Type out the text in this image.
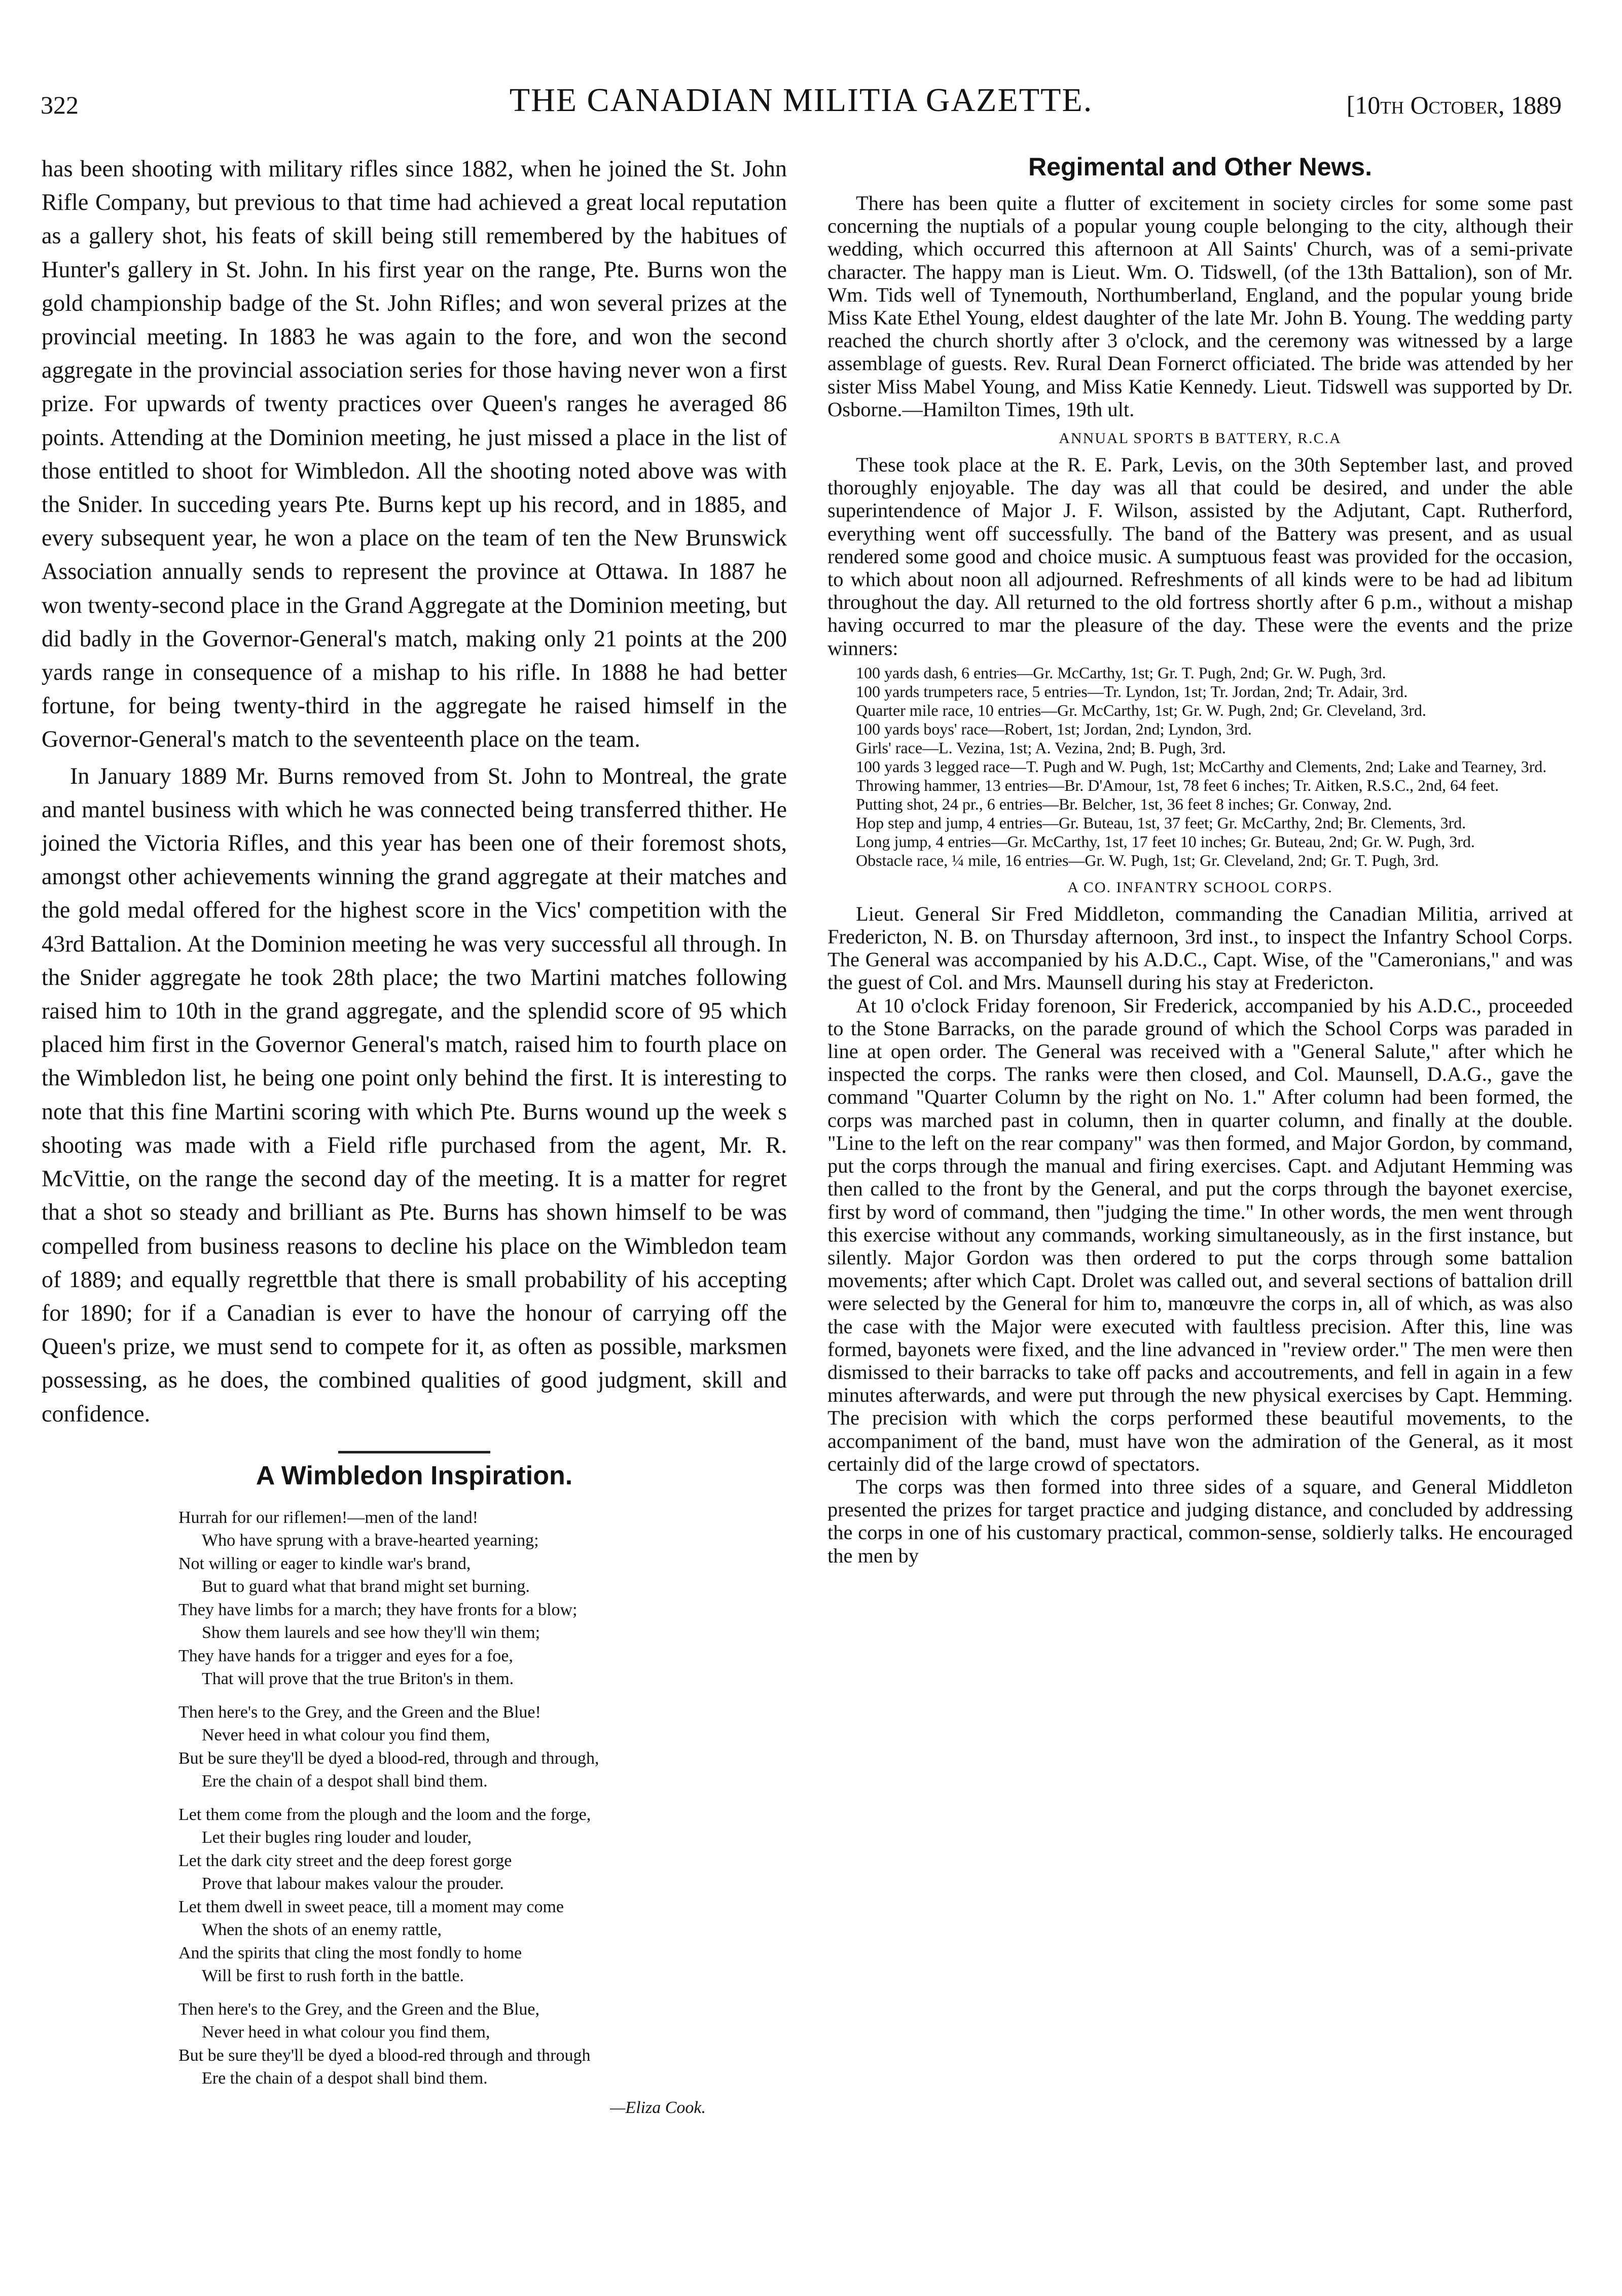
322	THE CANADIAN MILITIA GAZETTE.	[10th October, 1889

has been shooting with military rifles since 1882, when he joined the St. John Rifle Company, but previous to that time had achieved a great local reputation as a gallery shot, his feats of skill being still remembered by the habitues of Hunter's gallery in St. John. In his first year on the range, Pte. Burns won the gold championship badge of the St. John Rifles; and won several prizes at the provincial meeting. In 1883 he was again to the fore, and won the second aggregate in the provincial association series for those having never won a first prize. For upwards of twenty practices over Queen's ranges he averaged 86 points. Attending at the Dominion meeting, he just missed a place in the list of those entitled to shoot for Wimbledon. All the shooting noted above was with the Snider. In succeding years Pte. Burns kept up his record, and in 1885, and every subsequent year, he won a place on the team of ten the New Brunswick Association annually sends to represent the province at Ottawa. In 1887 he won twenty-second place in the Grand Aggregate at the Dominion meeting, but did badly in the Governor-General's match, making only 21 points at the 200 yards range in consequence of a mishap to his rifle. In 1888 he had better fortune, for being twenty-third in the aggregate he raised himself in the Governor-General's match to the seventeenth place on the team.

In January 1889 Mr. Burns removed from St. John to Montreal, the grate and mantel business with which he was connected being transferred thither. He joined the Victoria Rifles, and this year has been one of their foremost shots, amongst other achievements winning the grand aggregate at their matches and the gold medal offered for the highest score in the Vics' competition with the 43rd Battalion. At the Dominion meeting he was very successful all through. In the Snider aggregate he took 28th place; the two Martini matches following raised him to 10th in the grand aggregate, and the splendid score of 95 which placed him first in the Governor General's match, raised him to fourth place on the Wimbledon list, he being one point only behind the first. It is interesting to note that this fine Martini scoring with which Pte. Burns wound up the week s shooting was made with a Field rifle purchased from the agent, Mr. R. McVittie, on the range the second day of the meeting. It is a matter for regret that a shot so steady and brilliant as Pte. Burns has shown himself to be was compelled from business reasons to decline his place on the Wimbledon team of 1889; and equally regrettble that there is small probability of his accepting for 1890; for if a Canadian is ever to have the honour of carrying off the Queen's prize, we must send to compete for it, as often as possible, marksmen possessing, as he does, the combined qualities of good judgment, skill and confidence.

A Wimbledon Inspiration.
Hurrah for our riflemen!—men of the land!
Who have sprung with a brave-hearted yearning;
Not willing or eager to kindle war's brand,
But to guard what that brand might set burning.
They have limbs for a march; they have fronts for a blow;
Show them laurels and see how they'll win them;
They have hands for a trigger and eyes for a foe,
That will prove that the true Briton's in them.
Then here's to the Grey, and the Green and the Blue!
Never heed in what colour you find them,
But be sure they'll be dyed a blood-red, through and through,
Ere the chain of a despot shall bind them.
Let them come from the plough and the loom and the forge,
Let their bugles ring louder and louder,
Let the dark city street and the deep forest gorge
Prove that labour makes valour the prouder.
Let them dwell in sweet peace, till a moment may come
When the shots of an enemy rattle,
And the spirits that cling the most fondly to home
Will be first to rush forth in the battle.
Then here's to the Grey, and the Green and the Blue,
Never heed in what colour you find them,
But be sure they'll be dyed a blood-red through and through
Ere the chain of a despot shall bind them.
—Eliza Cook.
Regimental and Other News.

There has been quite a flutter of excitement in society circles for some some past concerning the nuptials of a popular young couple belonging to the city, although their wedding, which occurred this afternoon at All Saints' Church, was of a semi-private character. The happy man is Lieut. Wm. O. Tidswell, (of the 13th Battalion), son of Mr. Wm. Tids well of Tynemouth, Northumberland, England, and the popular young bride Miss Kate Ethel Young, eldest daughter of the late Mr. John B. Young. The wedding party reached the church shortly after 3 o'clock, and the ceremony was witnessed by a large assemblage of guests. Rev. Rural Dean Fornerct officiated. The bride was attended by her sister Miss Mabel Young, and Miss Katie Kennedy. Lieut. Tidswell was supported by Dr. Osborne.—Hamilton Times, 19th ult.

ANNUAL SPORTS B BATTERY, R.C.A

These took place at the R. E. Park, Levis, on the 30th September last, and proved thoroughly enjoyable. The day was all that could be desired, and under the able superintendence of Major J. F. Wilson, assisted by the Adjutant, Capt. Rutherford, everything went off successfully. The band of the Battery was present, and as usual rendered some good and choice music. A sumptuous feast was provided for the occasion, to which about noon all adjourned. Refreshments of all kinds were to be had ad libitum throughout the day. All returned to the old fortress shortly after 6 p.m., without a mishap having occurred to mar the pleasure of the day. These were the events and the prize winners:

100 yards dash, 6 entries—Gr. McCarthy, 1st; Gr. T. Pugh, 2nd; Gr. W. Pugh, 3rd.
100 yards trumpeters race, 5 entries—Tr. Lyndon, 1st; Tr. Jordan, 2nd; Tr. Adair, 3rd.
Quarter mile race, 10 entries—Gr. McCarthy, 1st; Gr. W. Pugh, 2nd; Gr. Cleveland, 3rd.
100 yards boys' race—Robert, 1st; Jordan, 2nd; Lyndon, 3rd.
Girls' race—L. Vezina, 1st; A. Vezina, 2nd; B. Pugh, 3rd.
100 yards 3 legged race—T. Pugh and W. Pugh, 1st; McCarthy and Clements, 2nd; Lake and Tearney, 3rd.
Throwing hammer, 13 entries—Br. D'Amour, 1st, 78 feet 6 inches; Tr. Aitken, R.S.C., 2nd, 64 feet.
Putting shot, 24 pr., 6 entries—Br. Belcher, 1st, 36 feet 8 inches; Gr. Conway, 2nd.
Hop step and jump, 4 entries—Gr. Buteau, 1st, 37 feet; Gr. McCarthy, 2nd; Br. Clements, 3rd.
Long jump, 4 entries—Gr. McCarthy, 1st, 17 feet 10 inches; Gr. Buteau, 2nd; Gr. W. Pugh, 3rd.
Obstacle race, ¼ mile, 16 entries—Gr. W. Pugh, 1st; Gr. Cleveland, 2nd; Gr. T. Pugh, 3rd.
A CO. INFANTRY SCHOOL CORPS.

Lieut. General Sir Fred Middleton, commanding the Canadian Militia, arrived at Fredericton, N. B. on Thursday afternoon, 3rd inst., to inspect the Infantry School Corps. The General was accompanied by his A.D.C., Capt. Wise, of the "Cameronians," and was the guest of Col. and Mrs. Maunsell during his stay at Fredericton.

At 10 o'clock Friday forenoon, Sir Frederick, accompanied by his A.D.C., proceeded to the Stone Barracks, on the parade ground of which the School Corps was paraded in line at open order. The General was received with a "General Salute," after which he inspected the corps. The ranks were then closed, and Col. Maunsell, D.A.G., gave the command "Quarter Column by the right on No. 1." After column had been formed, the corps was marched past in column, then in quarter column, and finally at the double. "Line to the left on the rear company" was then formed, and Major Gordon, by command, put the corps through the manual and firing exercises. Capt. and Adjutant Hemming was then called to the front by the General, and put the corps through the bayonet exercise, first by word of command, then "judging the time." In other words, the men went through this exercise without any commands, working simultaneously, as in the first instance, but silently. Major Gordon was then ordered to put the corps through some battalion movements; after which Capt. Drolet was called out, and several sections of battalion drill were selected by the General for him to, manœuvre the corps in, all of which, as was also the case with the Major were executed with faultless precision. After this, line was formed, bayonets were fixed, and the line advanced in "review order." The men were then dismissed to their barracks to take off packs and accoutrements, and fell in again in a few minutes afterwards, and were put through the new physical exercises by Capt. Hemming. The precision with which the corps performed these beautiful movements, to the accompaniment of the band, must have won the admiration of the General, as it most certainly did of the large crowd of spectators.

The corps was then formed into three sides of a square, and General Middleton presented the prizes for target practice and judging distance, and concluded by addressing the corps in one of his customary practical, common-sense, soldierly talks. He encouraged the men by
